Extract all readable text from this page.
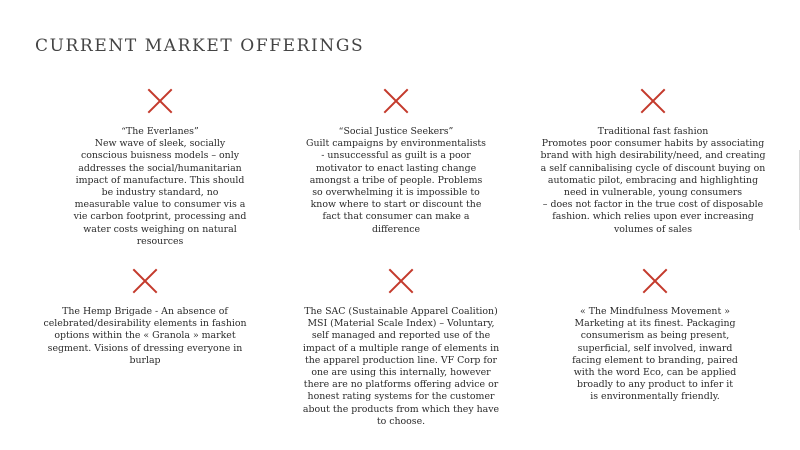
CURRENT MARKET OFFERINGS

“The Everlanes”
New wave of sleek, socially
conscious buisness models – only
addresses the social/humanitarian
impact of manufacture. This should
be industry standard, no
measurable value to consumer vis a
vie carbon footprint, processing and
water costs weighing on natural
resources

“Social Justice Seekers”
Guilt campaigns by environmentalists
- unsuccessful as guilt is a poor
motivator to enact lasting change
amongst a tribe of people. Problems
so overwhelming it is impossible to
know where to start or discount the
fact that consumer can make a
difference

Traditional fast fashion
Promotes poor consumer habits by associating
brand with high desirability/need, and creating
a self cannibalising cycle of discount buying on
automatic pilot, embracing and highlighting
need in vulnerable, young consumers
– does not factor in the true cost of disposable
fashion. which relies upon ever increasing
volumes of sales

The Hemp Brigade - An absence of
celebrated/desirability elements in fashion
options within the « Granola » market
segment. Visions of dressing everyone in
burlap

The SAC (Sustainable Apparel Coalition)
MSI (Material Scale Index) – Voluntary,
self managed and reported use of the
impact of a multiple range of elements in
the apparel production line. VF Corp for
one are using this internally, however
there are no platforms offering advice or
honest rating systems for the customer
about the products from which they have
to choose.

« The Mindfulness Movement »
Marketing at its finest. Packaging
consumerism as being present,
superficial, self involved, inward
facing element to branding, paired
with the word Eco, can be applied
broadly to any product to infer it
is environmentally friendly.
